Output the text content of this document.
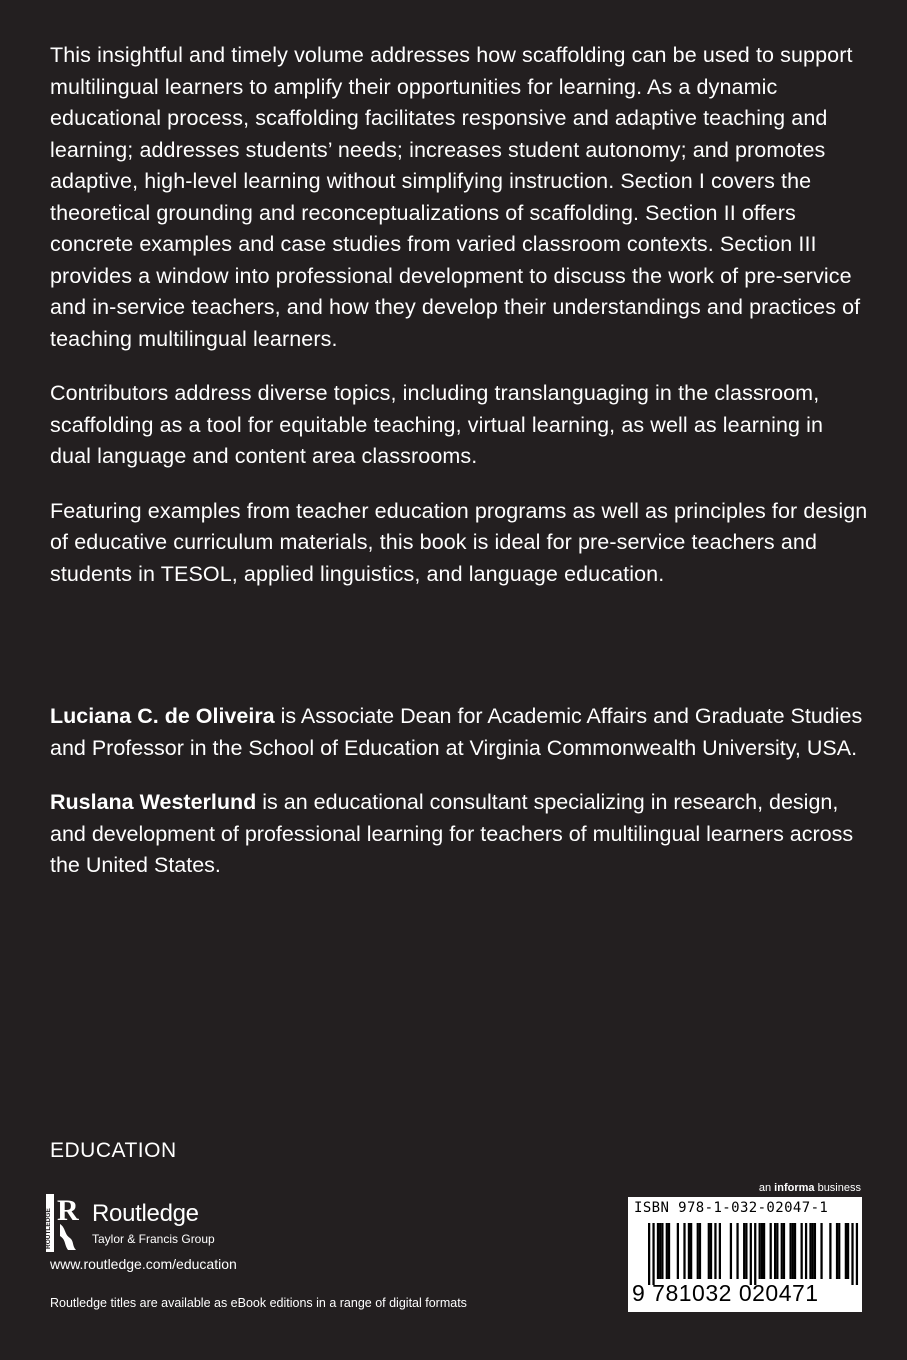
This insightful and timely volume addresses how scaffolding can be used to support multilingual learners to amplify their opportunities for learning. As a dynamic educational process, scaffolding facilitates responsive and adaptive teaching and learning; addresses students’ needs; increases student autonomy; and promotes adaptive, high-level learning without simplifying instruction. Section I covers the theoretical grounding and reconceptualizations of scaffolding. Section II offers concrete examples and case studies from varied classroom contexts. Section III provides a window into professional development to discuss the work of pre-service and in-service teachers, and how they develop their understandings and practices of teaching multilingual learners.

Contributors address diverse topics, including translanguaging in the classroom, scaffolding as a tool for equitable teaching, virtual learning, as well as learning in dual language and content area classrooms.

Featuring examples from teacher education programs as well as principles for design of educative curriculum materials, this book is ideal for pre-service teachers and students in TESOL, applied linguistics, and language education.

Luciana C. de Oliveira is Associate Dean for Academic Affairs and Graduate Studies and Professor in the School of Education at Virginia Commonwealth University, USA.

Ruslana Westerlund is an educational consultant specializing in research, design, and development of professional learning for teachers of multilingual learners across the United States.

EDUCATION
ROUTLEDGE R Routledge
Taylor & Francis Group
www.routledge.com/education
Routledge titles are available as eBook editions in a range of digital formats
an informa business
ISBN 978-1-032-02047-1
9 781032 020471
